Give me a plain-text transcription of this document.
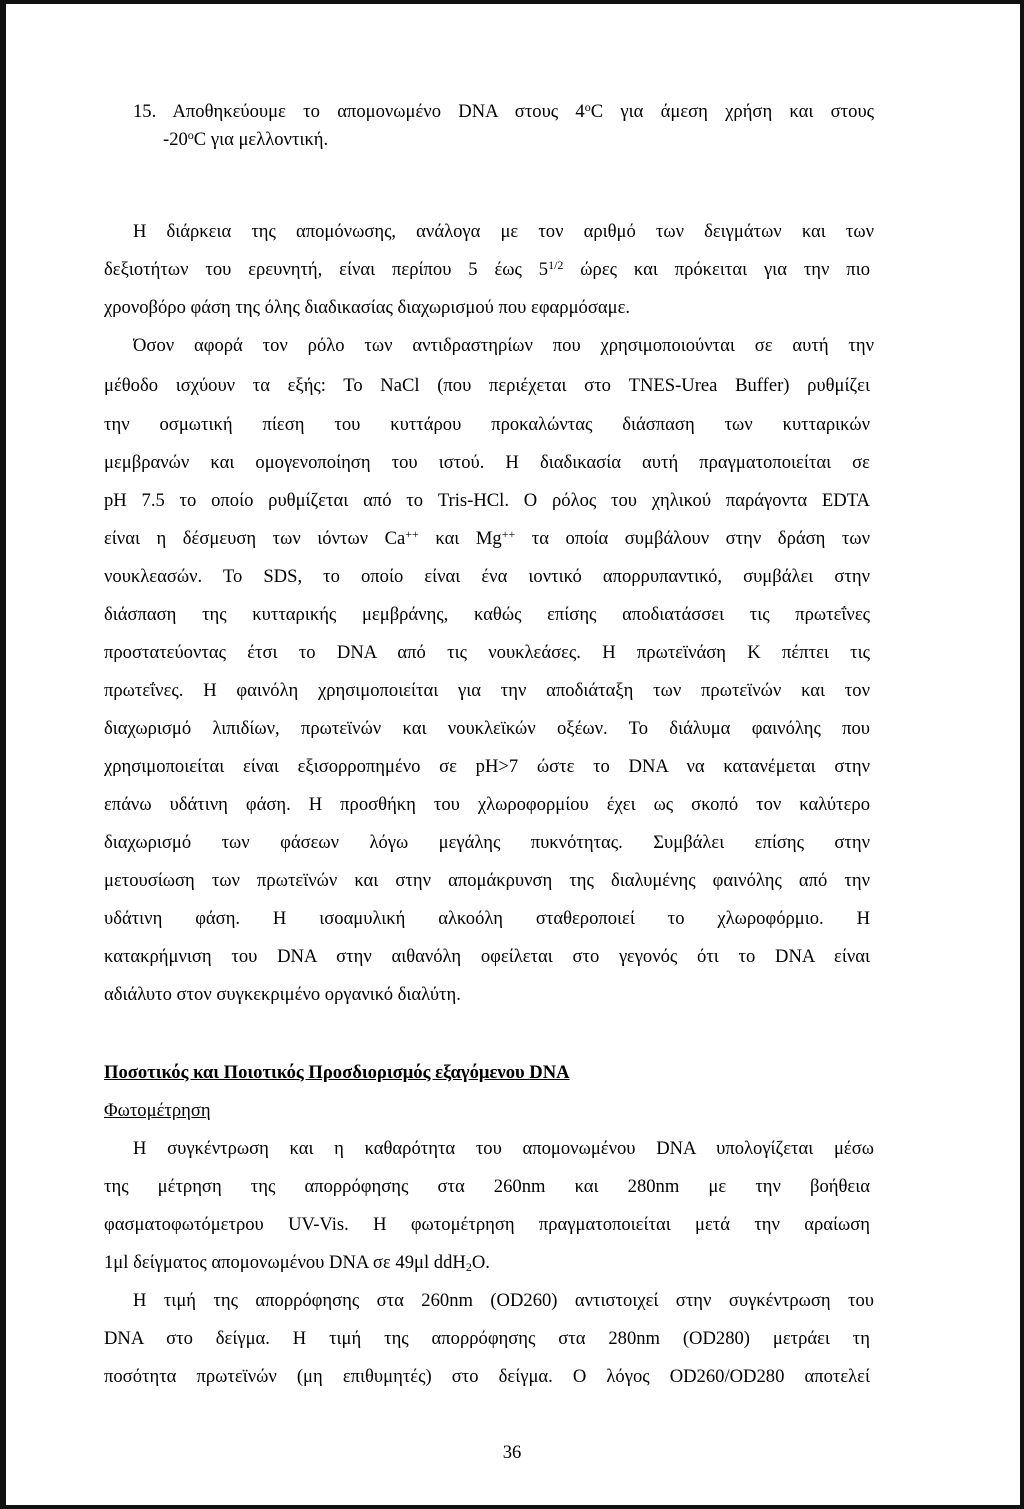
15. Αποθηκεύουμε το απομονωμένο DNA στους $4^oC$ για άμεση χρήση και στους
$-20^oC$ για μελλοντική.
Η διάρκεια της απομόνωσης, ανάλογα με τον αριθμό των δειγμάτων και των
δεξιοτήτων του ερευνητή, είναι περίπου 5 έως $5^{1/2}$ ώρες και πρόκειται για την πιο
χρονοβόρο φάση της όλης διαδικασίας διαχωρισμού που εφαρμόσαμε.
Όσον αφορά τον ρόλο των αντιδραστηρίων που χρησιμοποιούνται σε αυτή την
μέθοδο ισχύουν τα εξής: Το NaCl (που περιέχεται στο TNES-Urea Buffer) ρυθμίζει
την οσμωτική πίεση του κυττάρου προκαλώντας διάσπαση των κυτταρικών
μεμβρανών και ομογενοποίηση του ιστού. Η διαδικασία αυτή πραγματοποιείται σε
pH 7.5 το οποίο ρυθμίζεται από το Tris-HCl. Ο ρόλος του χηλικού παράγοντα EDTA
είναι η δέσμευση των ιόντων Ca++ και Mg++ τα οποία συμβάλουν στην δράση των
νουκλεασών. Το SDS, το οποίο είναι ένα ιοντικό απορρυπαντικό, συμβάλει στην
διάσπαση της κυτταρικής μεμβράνης, καθώς επίσης αποδιατάσσει τις πρωτεΐνες
προστατεύοντας έτσι το DNA από τις νουκλεάσες. Η πρωτεϊνάση Κ πέπτει τις
πρωτεΐνες. Η φαινόλη χρησιμοποιείται για την αποδιάταξη των πρωτεϊνών και τον
διαχωρισμό λιπιδίων, πρωτεϊνών και νουκλεϊκών οξέων. Το διάλυμα φαινόλης που
χρησιμοποιείται είναι εξισορροπημένο σε pH>7 ώστε το DNA να κατανέμεται στην
επάνω υδάτινη φάση. Η προσθήκη του χλωροφορμίου έχει ως σκοπό τον καλύτερο
διαχωρισμό των φάσεων λόγω μεγάλης πυκνότητας. Συμβάλει επίσης στην
μετουσίωση των πρωτεϊνών και στην απομάκρυνση της διαλυμένης φαινόλης από την
υδάτινη φάση. Η ισοαμυλική αλκοόλη σταθεροποιεί το χλωροφόρμιο. Η
κατακρήμνιση του DNA στην αιθανόλη οφείλεται στο γεγονός ότι το DNA είναι
αδιάλυτο στον συγκεκριμένο οργανικό διαλύτη.
Ποσοτικός και Ποιοτικός Προσδιορισμός εξαγόμενου DNA
Φωτομέτρηση
Η συγκέντρωση και η καθαρότητα του απομονωμένου DNA υπολογίζεται μέσω
της μέτρηση της απορρόφησης στα 260nm και 280nm με την βοήθεια
φασματοφωτόμετρου UV-Vis. Η φωτομέτρηση πραγματοποιείται μετά την αραίωση
1μl δείγματος απομονωμένου DNA σε 49μl ddH$_2$O.
Η τιμή της απορρόφησης στα 260nm (OD260) αντιστοιχεί στην συγκέντρωση του
DNA στο δείγμα. Η τιμή της απορρόφησης στα 280nm (OD280) μετράει τη
ποσότητα πρωτεϊνών (μη επιθυμητές) στο δείγμα. Ο λόγος OD260/OD280 αποτελεί
36
